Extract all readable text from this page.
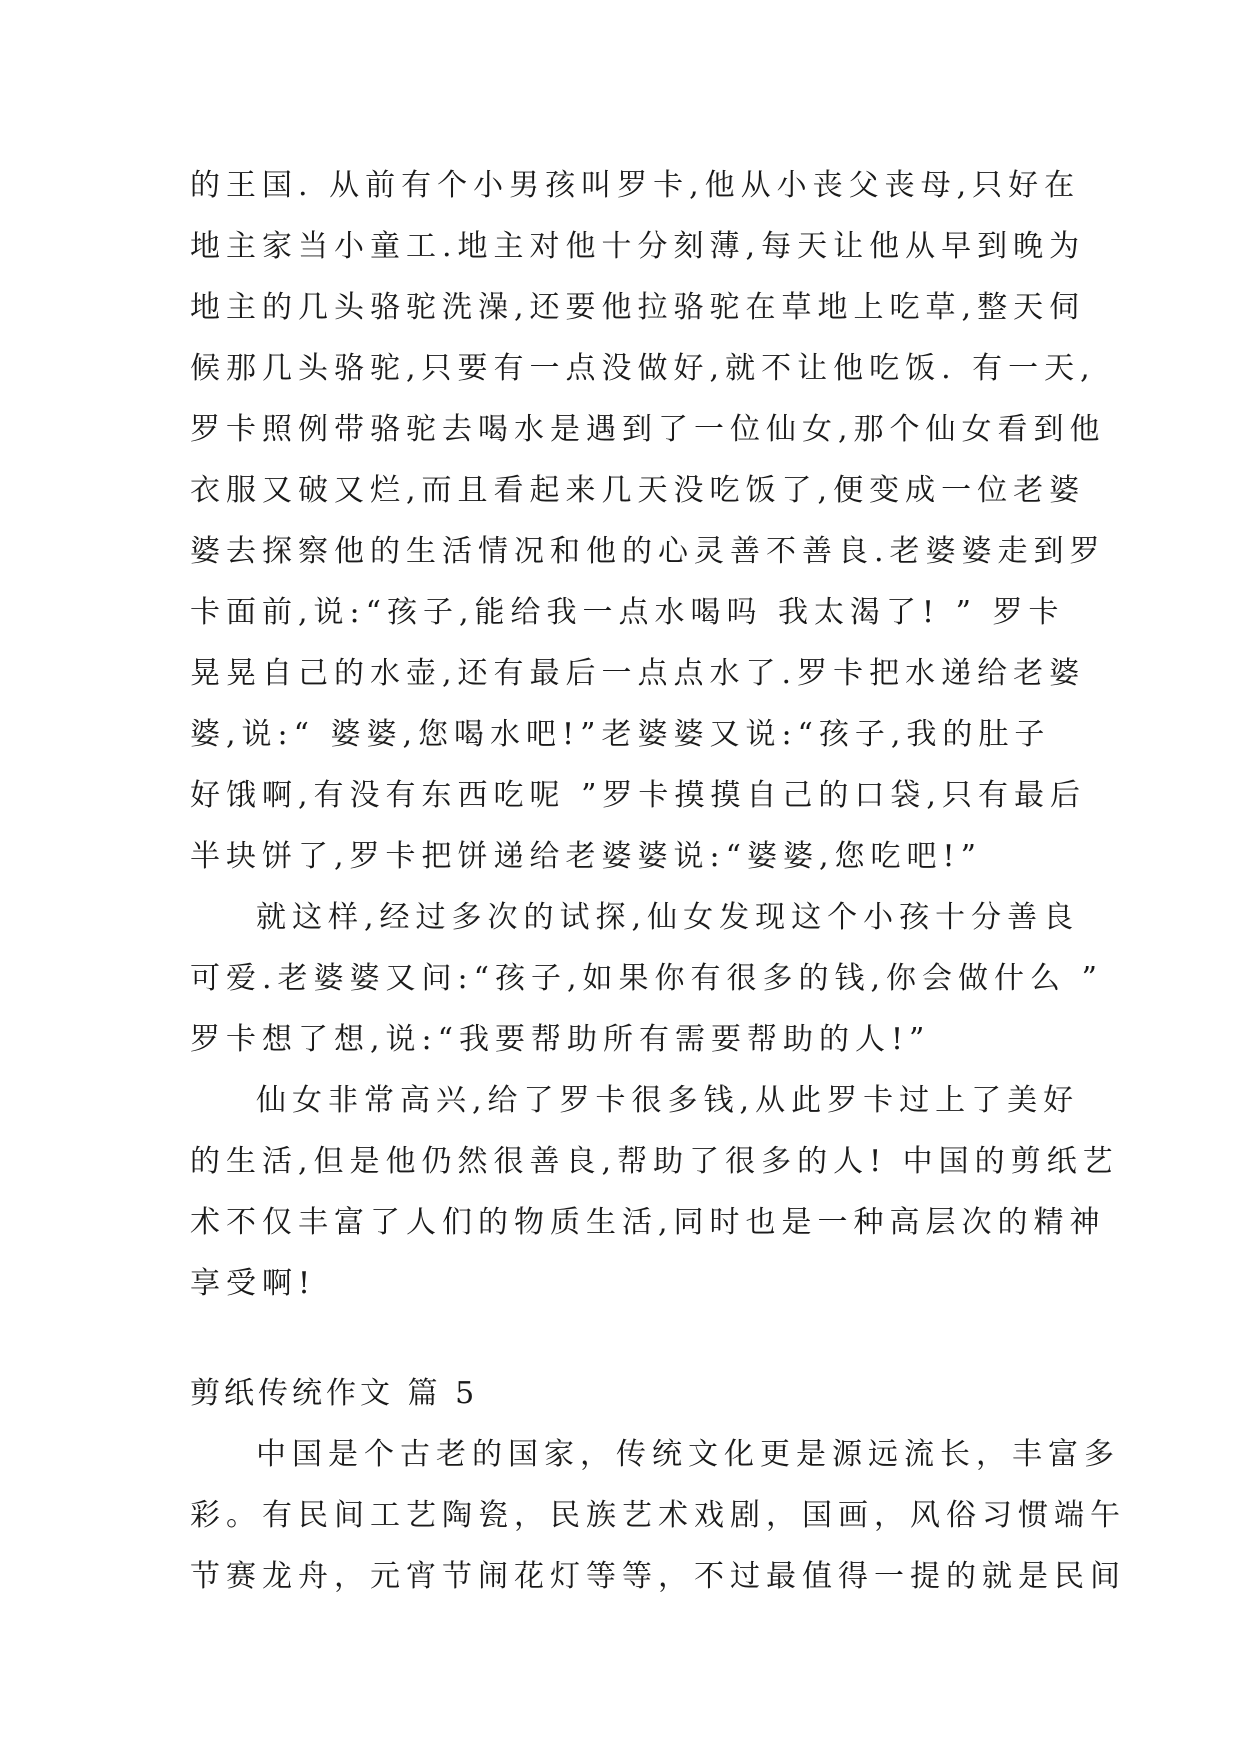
的王国. 从前有个小男孩叫罗卡,他从小丧父丧母,只好在
地主家当小童工.地主对他十分刻薄,每天让他从早到晚为
地主的几头骆驼洗澡,还要他拉骆驼在草地上吃草,整天伺
候那几头骆驼,只要有一点没做好,就不让他吃饭. 有一天,
罗卡照例带骆驼去喝水是遇到了一位仙女,那个仙女看到他
衣服又破又烂,而且看起来几天没吃饭了,便变成一位老婆
婆去探察他的生活情况和他的心灵善不善良.老婆婆走到罗
卡面前,说:“孩子,能给我一点水喝吗 我太渴了! ” 罗卡
晃晃自己的水壶,还有最后一点点水了.罗卡把水递给老婆
婆,说:“ 婆婆,您喝水吧!”老婆婆又说:“孩子,我的肚子
好饿啊,有没有东西吃呢 ”罗卡摸摸自己的口袋,只有最后
半块饼了,罗卡把饼递给老婆婆说:“婆婆,您吃吧!”
就这样,经过多次的试探,仙女发现这个小孩十分善良
可爱.老婆婆又问:“孩子,如果你有很多的钱,你会做什么 ”
罗卡想了想,说:“我要帮助所有需要帮助的人!”
仙女非常高兴,给了罗卡很多钱,从此罗卡过上了美好
的生活,但是他仍然很善良,帮助了很多的人! 中国的剪纸艺
术不仅丰富了人们的物质生活,同时也是一种高层次的精神
享受啊!
剪纸传统作文 篇 5
中国是个古老的国家，传统文化更是源远流长，丰富多
彩。有民间工艺陶瓷，民族艺术戏剧，国画，风俗习惯端午
节赛龙舟，元宵节闹花灯等等，不过最值得一提的就是民间
